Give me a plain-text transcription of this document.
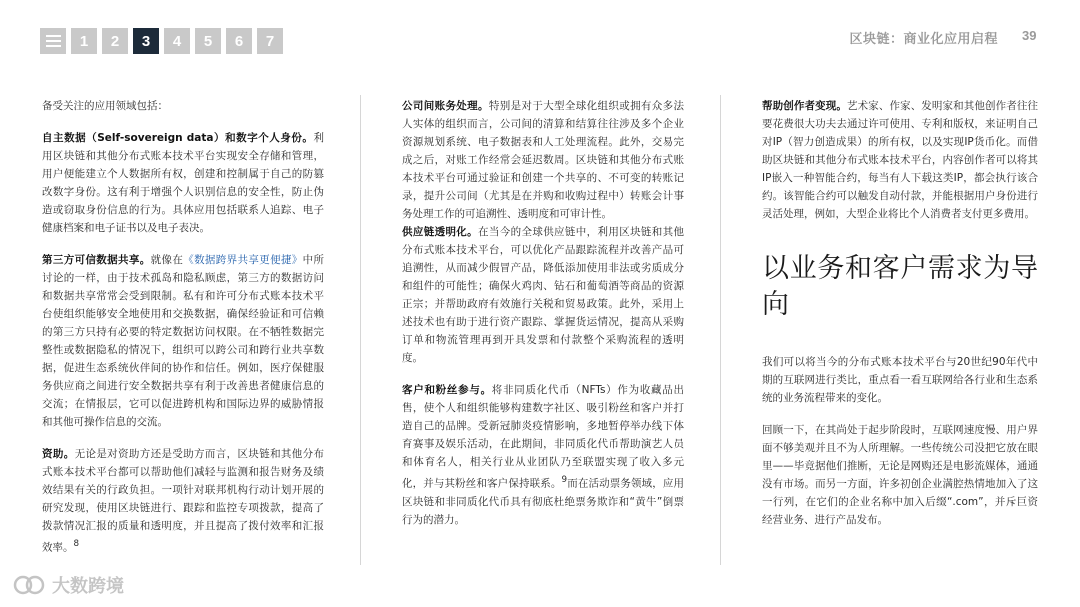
1	2	3	4	5	6	7	区块链：商业化应用启程 39

备受关注的应用领域包括：

自主数据（Self-sovereign data）和数字个人身份。利用区块链和其他分布式账本技术平台实现安全存储和管理，用户便能建立个人数据所有权，创建和控制属于自己的防篡改数字身份。这有利于增强个人识别信息的安全性，防止伪造或窃取身份信息的行为。具体应用包括联系人追踪、电子健康档案和电子证书以及电子表决。

第三方可信数据共享。就像在《数据跨界共享更便捷》中所讨论的一样，由于技术孤岛和隐私顾虑，第三方的数据访问和数据共享常常会受到限制。私有和许可分布式账本技术平台使组织能够安全地使用和交换数据，确保经验证和可信赖的第三方只持有必要的特定数据访问权限。在不牺牲数据完整性或数据隐私的情况下，组织可以跨公司和跨行业共享数据，促进生态系统伙伴间的协作和信任。例如，医疗保健服务供应商之间进行安全数据共享有利于改善患者健康信息的交流；在情报层，它可以促进跨机构和国际边界的威胁情报和其他可操作信息的交流。

资助。无论是对资助方还是受助方而言，区块链和其他分布式账本技术平台都可以帮助他们减轻与监测和报告财务及绩效结果有关的行政负担。一项针对联邦机构行动计划开展的研究发现，使用区块链进行、跟踪和监控专项拨款，提高了拨款情况汇报的质量和透明度，并且提高了拨付效率和汇报效率。$^8$

公司间账务处理。特别是对于大型全球化组织或拥有众多法人实体的组织而言，公司间的清算和结算往往涉及多个企业资源规划系统、电子数据表和人工处理流程。此外，交易完成之后，对账工作经常会延迟数周。区块链和其他分布式账本技术平台可通过验证和创建一个共享的、不可变的转账记录，提升公司间（尤其是在并购和收购过程中）转账会计事务处理工作的可追溯性、透明度和可审计性。

供应链透明化。在当今的全球供应链中，利用区块链和其他分布式账本技术平台，可以优化产品跟踪流程并改善产品可追溯性，从而减少假冒产品，降低添加使用非法或劣质成分和组件的可能性；确保火鸡肉、钻石和葡萄酒等商品的资源正宗；并帮助政府有效施行关税和贸易政策。此外，采用上述技术也有助于进行资产跟踪、掌握货运情况，提高从采购订单和物流管理再到开具发票和付款整个采购流程的透明度。

客户和粉丝参与。将非同质化代币（NFTs）作为收藏品出售，使个人和组织能够构建数字社区、吸引粉丝和客户并打造自己的品牌。受新冠肺炎疫情影响，多地暂停举办线下体育赛事及娱乐活动，在此期间，非同质化代币帮助演艺人员和体育名人，相关行业从业团队乃至联盟实现了收入多元化，并与其粉丝和客户保持联系。$^9$而在活动票务领域，应用区块链和非同质化代币具有彻底杜绝票务欺诈和“黄牛”倒票行为的潜力。

帮助创作者变现。艺术家、作家、发明家和其他创作者往往要花费很大功夫去通过许可使用、专利和版权，来证明自己对IP（智力创造成果）的所有权，以及实现IP货币化。而借助区块链和其他分布式账本技术平台，内容创作者可以将其IP嵌入一种智能合约，每当有人下载这类IP，都会执行该合约。该智能合约可以触发自动付款，并能根据用户身份进行灵活处理，例如，大型企业将比个人消费者支付更多费用。

以业务和客户需求为导向

我们可以将当今的分布式账本技术平台与20世纪90年代中期的互联网进行类比，重点看一看互联网给各行业和生态系统的业务流程带来的变化。

回顾一下，在其尚处于起步阶段时，互联网速度慢、用户界面不够美观并且不为人所理解。一些传统公司没把它放在眼里——毕竟据他们推断，无论是网购还是电影流媒体，通通没有市场。而另一方面，许多初创企业满腔热情地加入了这一行列，在它们的企业名称中加入后缀“.com”，并斥巨资经营业务、进行产品发布。

大数跨境
